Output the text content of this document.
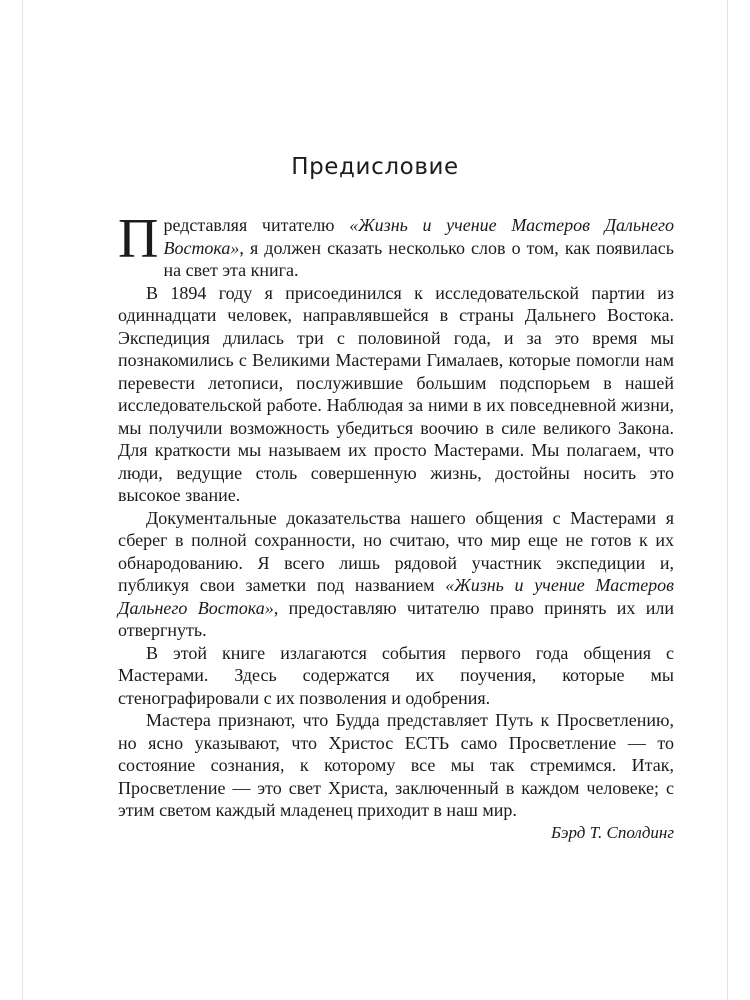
Предисловие

Представляя читателю «Жизнь и учение Мастеров Дальнего Востока», я должен сказать несколько слов о том, как появилась на свет эта книга.

В 1894 году я присоединился к исследовательской партии из одиннадцати человек, направлявшейся в страны Дальнего Востока. Экспедиция длилась три с половиной года, и за это время мы познакомились с Великими Мастерами Гималаев, которые помогли нам перевести летописи, послужившие большим подспорьем в нашей исследовательской работе. Наблюдая за ними в их повседневной жизни, мы получили возможность убедиться воочию в силе великого Закона. Для краткости мы называем их просто Мастерами. Мы полагаем, что люди, ведущие столь совершенную жизнь, достойны носить это высокое звание.

Документальные доказательства нашего общения с Мастерами я сберег в полной сохранности, но считаю, что мир еще не готов к их обнародованию. Я всего лишь рядовой участник экспедиции и, публикуя свои заметки под названием «Жизнь и учение Мастеров Дальнего Востока», предоставляю читателю право принять их или отвергнуть.

В этой книге излагаются события первого года общения с Мастерами. Здесь содержатся их поучения, которые мы стенографировали с их позволения и одобрения.

Мастера признают, что Будда представляет Путь к Просветлению, но ясно указывают, что Христос ЕСТЬ само Просветление — то состояние сознания, к которому все мы так стремимся. Итак, Просветление — это свет Христа, заключенный в каждом человеке; с этим светом каждый младенец приходит в наш мир.

Бэрд Т. Сполдинг
